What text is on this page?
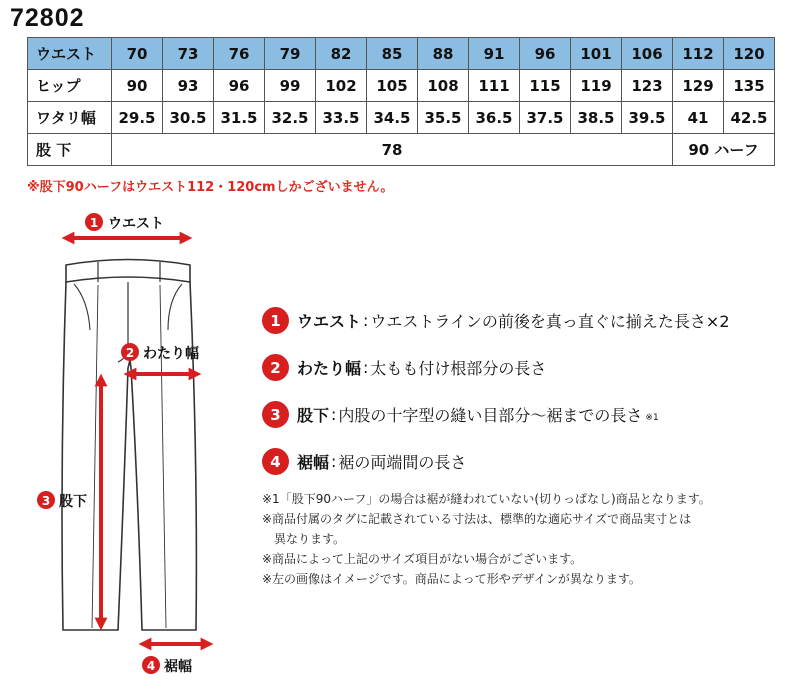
72802
ウエスト	70	73	76	79	82	85	88	91	96	101	106	112	120
ヒップ	90	93	96	99	102	105	108	111	115	119	123	129	135
ワタリ幅	29.5	30.5	31.5	32.5	33.5	34.5	35.5	36.5	37.5	38.5	39.5	41	42.5
股 下	78											90 ハーフ	
※股下90ハーフはウエスト112・120cmしかございません。
1 ウエスト
2 わたり幅
3 股下
4 裾幅
1	ウエスト : ウエストラインの前後を真っ直ぐに揃えた長さ×2
2	わたり幅 : 太もも付け根部分の長さ
3	股下 : 内股の十字型の縫い目部分～裾までの長さ ※1
4	裾幅 : 裾の両端間の長さ
※1「股下90ハーフ」の場合は裾が縫われていない(切りっぱなし)商品となります。
※商品付属のタグに記載されている寸法は、標準的な適応サイズで商品実寸とは
異なります。
※商品によって上記のサイズ項目がない場合がございます。
※左の画像はイメージです。商品によって形やデザインが異なります。
